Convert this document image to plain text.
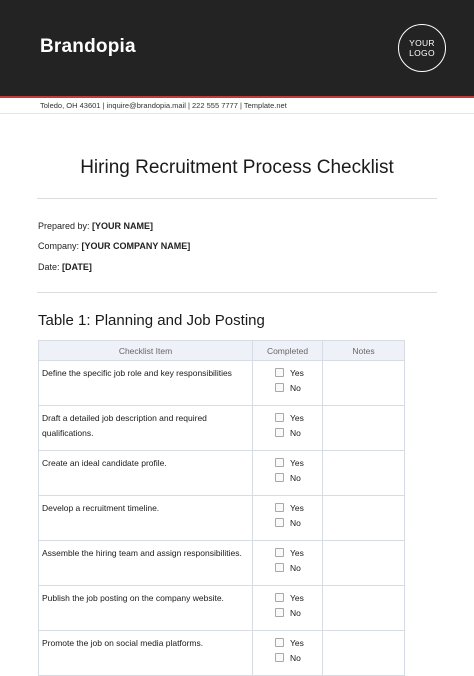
Brandopia	YOUR
LOGO
Toledo, OH 43601 | inquire@brandopia.mail | 222 555 7777 | Template.net
Hiring Recruitment Process Checklist
Prepared by: [YOUR NAME]
Company: [YOUR COMPANY NAME]
Date: [DATE]
Table 1: Planning and Job Posting
Checklist Item	Completed	Notes

Define the specific job role and key responsibilities	Yes
No	

Draft a detailed job description and required qualifications.	Yes
No	

Create an ideal candidate profile.	Yes
No	

Develop a recruitment timeline.	Yes
No	

Assemble the hiring team and assign responsibilities.	Yes
No	

Publish the job posting on the company website.	Yes
No	

Promote the job on social media platforms.	Yes
No	
